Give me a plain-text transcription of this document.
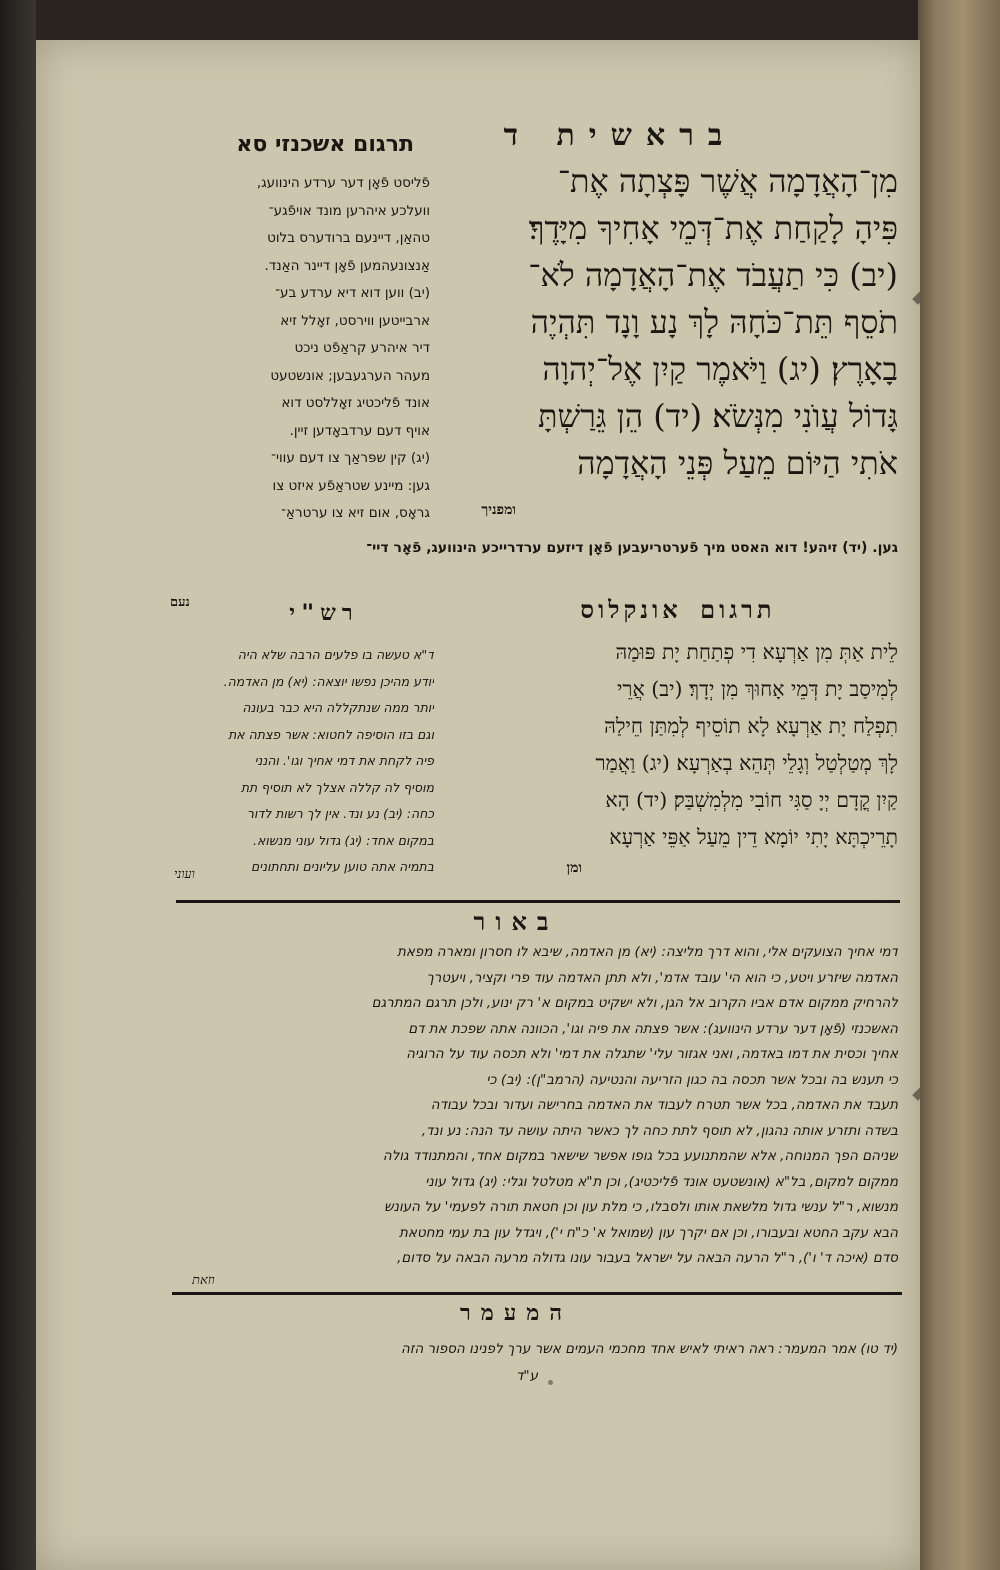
בראשית ד
תרגום אשכנזי סא
מִן־הָאֲדָמָה אֲשֶׁר פָּצְתָה אֶת־
פִּיהָ לָקַחַת אֶת־דְּמֵי אָחִיךָ מִיָּדֶךָ׃
(יב) כִּי תַעֲבֹד אֶת־הָאֲדָמָה לֹא־
תֹסֵף תֵּת־כֹּחָהּ לָךְ נָע וָנָד תִּהְיֶה
בָאָרֶץ׃ (יג) וַיֹּאמֶר קַיִן אֶל־יְהוָה
גָּדוֹל עֲוֺנִי מִנְּשֹׂא׃ (יד) הֵן גֵּרַשְׁתָּ
אֹתִי הַיּוֹם מֵעַל פְּנֵי הָאֲדָמָה
ומפניך
פֿליסט פֿאָן דער ערדע הינוועג,
וועלכע איהרען מונד אויפֿגע־
טהאַן, דיינעם ברודערס בלוט
אַנצונעהמען פֿאָן דיינר האַנד.
(יב) ווען דוא דיא ערדע בע־
ארבייטען ווירסט, זאָלל זיא
דיר איהרע קראַפֿט ניכט
מעהר הערגעבען; אונשטעט
אונד פֿליכטיג זאָללסט דוא
אויף דעם ערדבאָדען זיין.
(יג) קין שפּראַך צו דעם עווי־
גען: מיינע שטראַפֿע איזט צו
גראָס, אום זיא צו ערטראַ־
גען. (יד) זיהע! דוא האסט מיך פֿערטריעבען פֿאָן דיזעם ערדרייכע הינוועג, פֿאָר דיי־
נעם	תרגום אונקלוס
לֵית אַתְּ מִן אַרְעָא דִי פְתַחַת יָת פּוּמַהּ
לְמִיסַב יָת דְּמֵי אָחוּךְ מִן יְדָךְ׃ (יב) אֲרֵי
תִפְלַח יָת אַרְעָא לָא תוֹסֵיף לְמִתַּן חֵילַהּ
לָךְ מְטַלְטַל וְגָלֵי תְּהֵא בְאַרְעָא׃ (יג) וַאֲמַר
קַיִן קֳדָם יְיָ סַגִּי חוֹבִי מִלְמִשְׁבַּק׃ (יד) הָא
תָרֵיכְתָּא יָתִי יוֹמָא דֵין מֵעַל אַפֵּי אַרְעָא
ומן
רש"י
ד"א טעשה בו פלעים הרבה שלא היה
יודע מהיכן נפשו יוצאה: (יא) מן האדמה.
יותר ממה שנתקללה היא כבר בעונה
וגם בזו הוסיפה לחטוא: אשר פצתה את
פיה לקחת את דמי אחיך וגו'. והנני
מוסיף לה קללה אצלך לא תוסיף תת
כחה: (יב) נע ונד. אין לך רשות לדור
במקום אחד: (יג) גדול עוני מנשוא.
בתמיה אתה טוען עליונים ותחתונים
ועוני
באור
דמי אחיך הצועקים אלי, והוא דרך מליצה: (יא) מן האדמה, שיבא לו חסרון ומארה מפאת
האדמה שיזרע ויטע, כי הוא הי' עובד אדמ', ולא תתן האדמה עוד פרי וקציר, ויעטרך
להרחיק ממקום אדם אביו הקרוב אל הגן, ולא ישקיט במקום א' רק ינוע, ולכן תרגם המתרגם
האשכנזי (פֿאָן דער ערדע הינוועג): אשר פצתה את פיה וגו', הכוונה אתה שפכת את דם
אחיך וכסית את דמו באדמה, ואני אגזור עלי' שתגלה את דמי' ולא תכסה עוד על הרוגיה
כי תענש בה ובכל אשר תכסה בה כגון הזריעה והנטיעה (הרמב"ן): (יב) כי
תעבד את האדמה, בכל אשר תטרח לעבוד את האדמה בחרישה ועדור ובכל עבודה
בשדה ותזרע אותה נהגון, לא תוסף לתת כחה לך כאשר היתה עושה עד הנה: נע ונד,
שניהם הפך המנוחה, אלא שהמתנועע בכל גופו אפשר שישאר במקום אחד, והמתנודד גולה
ממקום למקום, בל"א (אונשטעט אונד פֿליכטיג), וכן ת"א מטלטל וגלי: (יג) גדול עוני
מנשוא, ר"ל ענשי גדול מלשאת אותו ולסבלו, כי מלת עון וכן חטאת תורה לפעמי' על העונש
הבא עקב החטא ובעבורו, וכן אם יקרך עון (שמואל א' כ"ח י'), ויגדל עון בת עמי מחטאת
סדם (איכה ד' ו'), ר"ל הרעה הבאה על ישראל בעבור עונו גדולה מרעה הבאה על סדום,
וזאת
המעמר
(יד טו) אמר המעמר: ראה ראיתי לאיש אחד מחכמי העמים אשר ערך לפנינו הספור הזה
ע"ד
